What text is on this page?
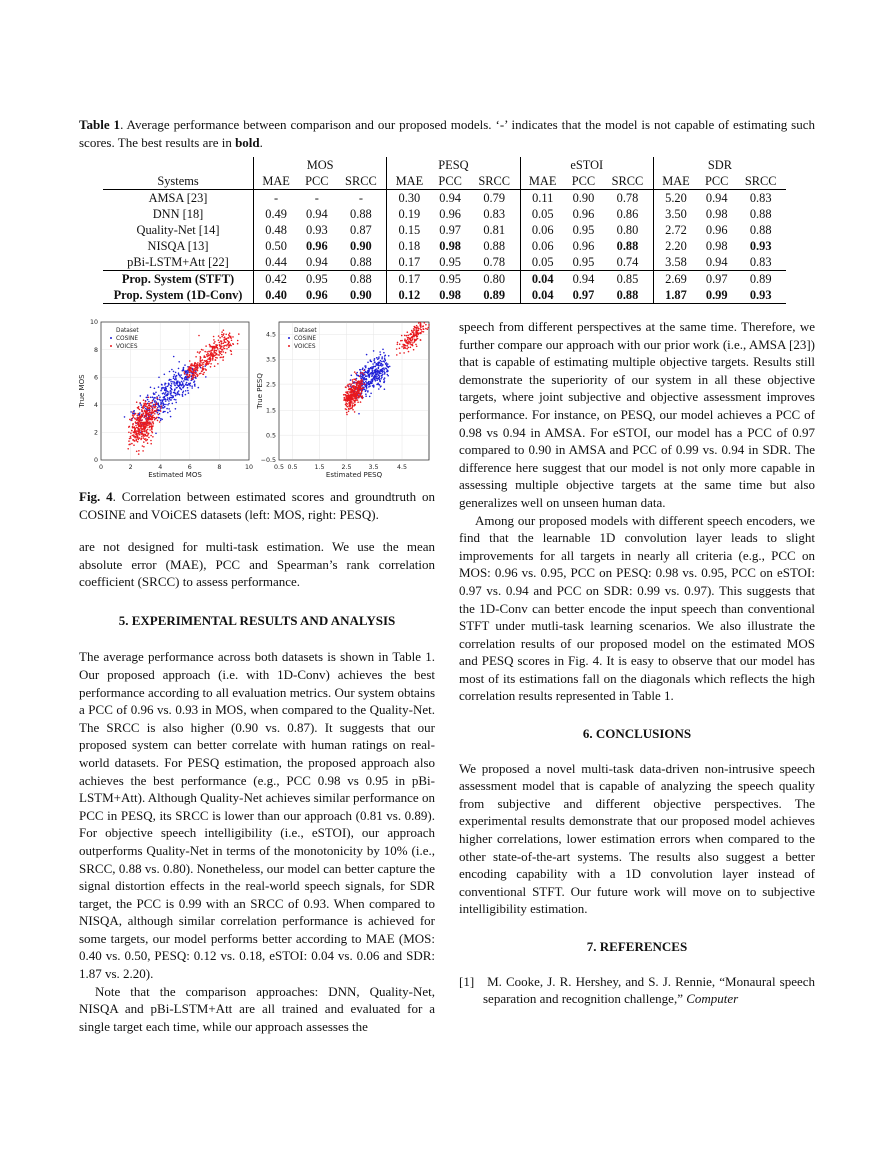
Table 1. Average performance between comparison and our proposed models. ‘-’ indicates that the model is not capable of estimating such scores. The best results are in bold.
	MOS			PESQ			eSTOI			SDR		
Systems	MAE	PCC	SRCC	MAE	PCC	SRCC	MAE	PCC	SRCC	MAE	PCC	SRCC
AMSA [23]	-	-	-	0.30	0.94	0.79	0.11	0.90	0.78	5.20	0.94	0.83
DNN [18]	0.49	0.94	0.88	0.19	0.96	0.83	0.05	0.96	0.86	3.50	0.98	0.88
Quality-Net [14]	0.48	0.93	0.87	0.15	0.97	0.81	0.06	0.95	0.80	2.72	0.96	0.88
NISQA [13]	0.50	0.96	0.90	0.18	0.98	0.88	0.06	0.96	0.88	2.20	0.98	0.93
pBi-LSTM+Att [22]	0.44	0.94	0.88	0.17	0.95	0.78	0.05	0.95	0.74	3.58	0.94	0.83
Prop. System (STFT)	0.42	0.95	0.88	0.17	0.95	0.80	0.04	0.94	0.85	2.69	0.97	0.89
Prop. System (1D-Conv)	0.40	0.96	0.90	0.12	0.98	0.89	0.04	0.97	0.88	1.87	0.99	0.93
0	2	4	6	8	10
0
2
4
6
8
10
Estimated MOS
True MOS
Dataset
COSINE
VOICES
0.5 0.5	1.5	2.5	3.5	4.5
−0.5
0.5
1.5
2.5
3.5
4.5
Estimated PESQ
True PESQ
Dataset
COSINE
VOICES
Fig. 4. Correlation between estimated scores and groundtruth on COSINE and VOiCES datasets (left: MOS, right: PESQ).

are not designed for multi-task estimation. We use the mean absolute error (MAE), PCC and Spearman’s rank correlation coefficient (SRCC) to assess performance.

5. EXPERIMENTAL RESULTS AND ANALYSIS

The average performance across both datasets is shown in Table 1. Our proposed approach (i.e. with 1D-Conv) achieves the best performance according to all evaluation metrics. Our system obtains a PCC of 0.96 vs. 0.93 in MOS, when compared to the Quality-Net. The SRCC is also higher (0.90 vs. 0.87). It suggests that our proposed system can better correlate with human ratings on real-world datasets. For PESQ estimation, the proposed approach also achieves the best performance (e.g., PCC 0.98 vs 0.95 in pBi-LSTM+Att). Although Quality-Net achieves similar performance on PCC in PESQ, its SRCC is lower than our approach (0.81 vs. 0.89). For objective speech intelligibility (i.e., eSTOI), our approach outperforms Quality-Net in terms of the monotonicity by 10% (i.e., SRCC, 0.88 vs. 0.80). Nonetheless, our model can better capture the signal distortion effects in the real-world speech signals, for SDR target, the PCC is 0.99 with an SRCC of 0.93. When compared to NISQA, although similar correlation performance is achieved for some targets, our model performs better according to MAE (MOS: 0.40 vs. 0.50, PESQ: 0.12 vs. 0.18, eSTOI: 0.04 vs. 0.06 and SDR: 1.87 vs. 2.20).

Note that the comparison approaches: DNN, Quality-Net, NISQA and pBi-LSTM+Att are all trained and evaluated for a single target each time, while our approach assesses the

speech from different perspectives at the same time. Therefore, we further compare our approach with our prior work (i.e., AMSA [23]) that is capable of estimating multiple objective targets. Results still demonstrate the superiority of our system in all these objective targets, where joint subjective and objective assessment improves performance. For instance, on PESQ, our model achieves a PCC of 0.98 vs 0.94 in AMSA. For eSTOI, our model has a PCC of 0.97 compared to 0.90 in AMSA and PCC of 0.99 vs. 0.94 in SDR. The difference here suggest that our model is not only more capable in assessing multiple objective targets at the same time but also generalizes well on unseen human data.

Among our proposed models with different speech encoders, we find that the learnable 1D convolution layer leads to slight improvements for all targets in nearly all criteria (e.g., PCC on MOS: 0.96 vs. 0.95, PCC on PESQ: 0.98 vs. 0.95, PCC on eSTOI: 0.97 vs. 0.94 and PCC on SDR: 0.99 vs. 0.97). This suggests that the 1D-Conv can better encode the input speech than conventional STFT under mutli-task learning scenarios. We also illustrate the correlation results of our proposed model on the estimated MOS and PESQ scores in Fig. 4. It is easy to observe that our model has most of its estimations fall on the diagonals which reflects the high correlation results represented in Table 1.

6. CONCLUSIONS

We proposed a novel multi-task data-driven non-intrusive speech assessment model that is capable of analyzing the speech quality from subjective and different objective perspectives. The experimental results demonstrate that our proposed model achieves higher correlations, lower estimation errors when compared to the other state-of-the-art systems. The results also suggest a better encoding capability with a 1D convolution layer instead of conventional STFT. Our future work will move on to subjective intelligibility estimation.

7. REFERENCES

[1] M. Cooke, J. R. Hershey, and S. J. Rennie, “Monaural speech separation and recognition challenge,” Computer
